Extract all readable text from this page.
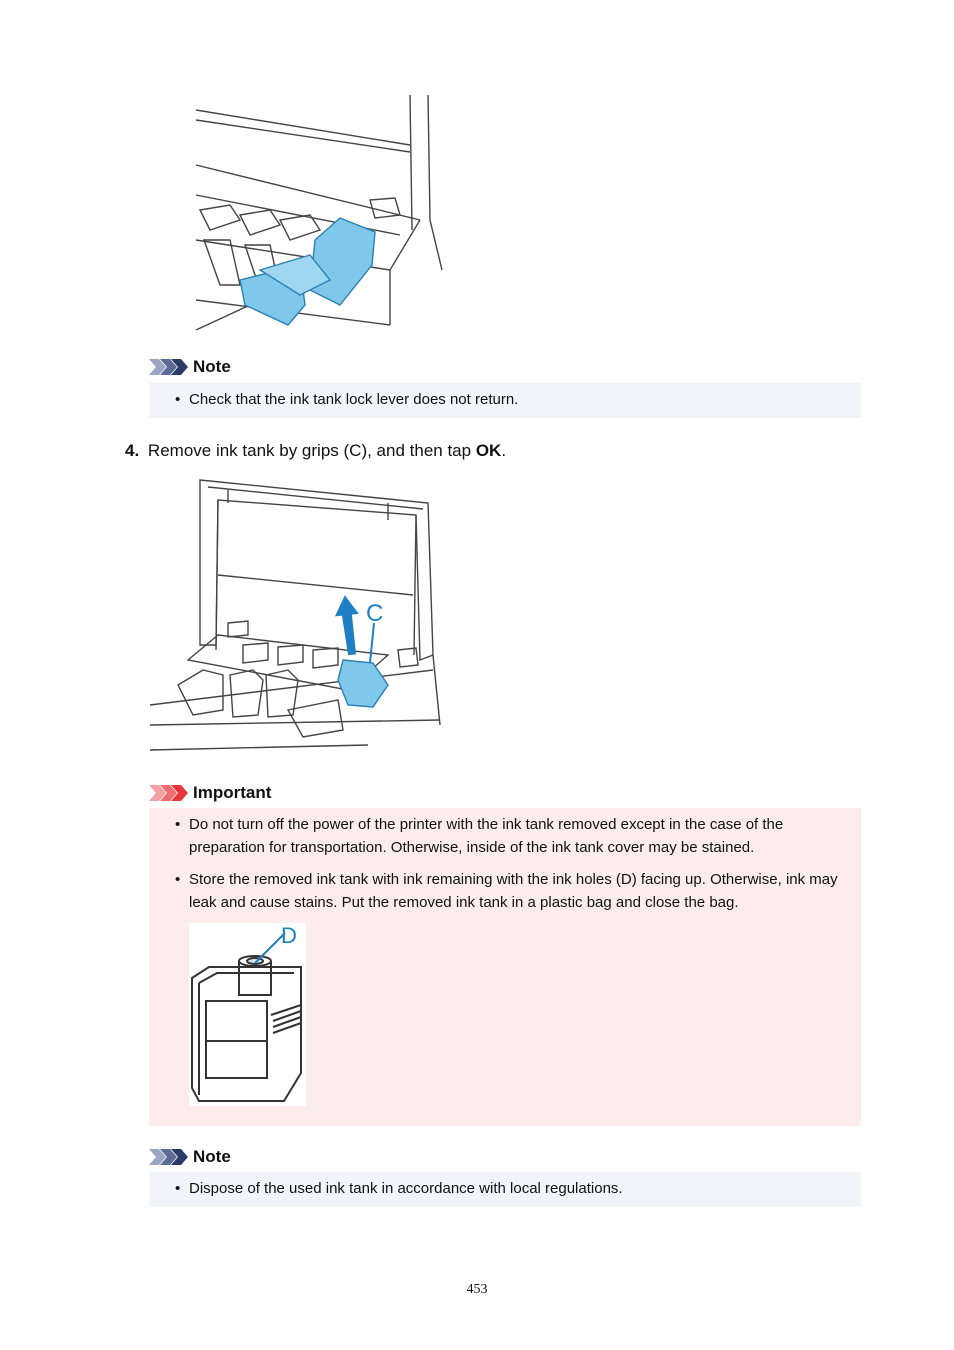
Note
• Check that the ink tank lock lever does not return.
4. Remove ink tank by grips (C), and then tap OK.
C
Important
• Do not turn off the power of the printer with the ink tank removed except in the case of the preparation for transportation. Otherwise, inside of the ink tank cover may be stained.
• Store the removed ink tank with ink remaining with the ink holes (D) facing up. Otherwise, ink may leak and cause stains. Put the removed ink tank in a plastic bag and close the bag.
D
Note
• Dispose of the used ink tank in accordance with local regulations.
453
